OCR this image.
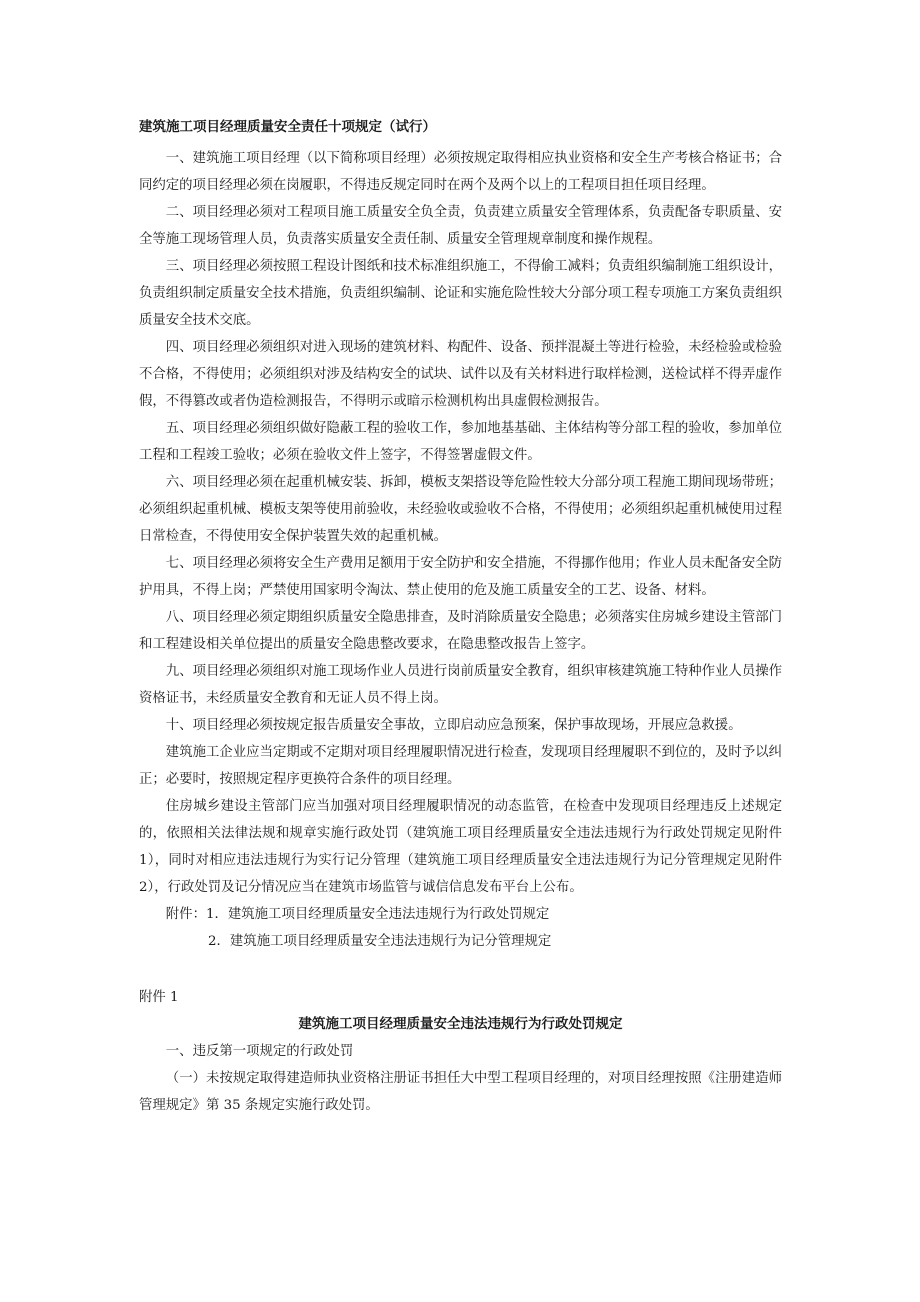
建筑施工项目经理质量安全责任十项规定（试行）

一、建筑施工项目经理（以下简称项目经理）必须按规定取得相应执业资格和安全生产考核合格证书；合同约定的项目经理必须在岗履职，不得违反规定同时在两个及两个以上的工程项目担任项目经理。

二、项目经理必须对工程项目施工质量安全负全责，负责建立质量安全管理体系，负责配备专职质量、安全等施工现场管理人员，负责落实质量安全责任制、质量安全管理规章制度和操作规程。

三、项目经理必须按照工程设计图纸和技术标准组织施工，不得偷工减料；负责组织编制施工组织设计，负责组织制定质量安全技术措施，负责组织编制、论证和实施危险性较大分部分项工程专项施工方案负责组织质量安全技术交底。

四、项目经理必须组织对进入现场的建筑材料、构配件、设备、预拌混凝土等进行检验，未经检验或检验不合格，不得使用；必须组织对涉及结构安全的试块、试件以及有关材料进行取样检测，送检试样不得弄虚作假，不得篡改或者伪造检测报告，不得明示或暗示检测机构出具虚假检测报告。

五、项目经理必须组织做好隐蔽工程的验收工作，参加地基基础、主体结构等分部工程的验收，参加单位工程和工程竣工验收；必须在验收文件上签字，不得签署虚假文件。

六、项目经理必须在起重机械安装、拆卸，模板支架搭设等危险性较大分部分项工程施工期间现场带班；必须组织起重机械、模板支架等使用前验收，未经验收或验收不合格，不得使用；必须组织起重机械使用过程日常检查，不得使用安全保护装置失效的起重机械。

七、项目经理必须将安全生产费用足额用于安全防护和安全措施，不得挪作他用；作业人员未配备安全防护用具，不得上岗；严禁使用国家明令淘汰、禁止使用的危及施工质量安全的工艺、设备、材料。

八、项目经理必须定期组织质量安全隐患排查，及时消除质量安全隐患；必须落实住房城乡建设主管部门和工程建设相关单位提出的质量安全隐患整改要求，在隐患整改报告上签字。

九、项目经理必须组织对施工现场作业人员进行岗前质量安全教育，组织审核建筑施工特种作业人员操作资格证书，未经质量安全教育和无证人员不得上岗。

十、项目经理必须按规定报告质量安全事故，立即启动应急预案，保护事故现场，开展应急救援。

建筑施工企业应当定期或不定期对项目经理履职情况进行检查，发现项目经理履职不到位的，及时予以纠正；必要时，按照规定程序更换符合条件的项目经理。

住房城乡建设主管部门应当加强对项目经理履职情况的动态监管，在检查中发现项目经理违反上述规定的，依照相关法律法规和规章实施行政处罚（建筑施工项目经理质量安全违法违规行为行政处罚规定见附件 1），同时对相应违法违规行为实行记分管理（建筑施工项目经理质量安全违法违规行为记分管理规定见附件 2），行政处罚及记分情况应当在建筑市场监管与诚信信息发布平台上公布。

附件：1．建筑施工项目经理质量安全违法违规行为行政处罚规定

2．建筑施工项目经理质量安全违法违规行为记分管理规定

附件 1

建筑施工项目经理质量安全违法违规行为行政处罚规定

一、违反第一项规定的行政处罚

（一）未按规定取得建造师执业资格注册证书担任大中型工程项目经理的，对项目经理按照《注册建造师管理规定》第 35 条规定实施行政处罚。
